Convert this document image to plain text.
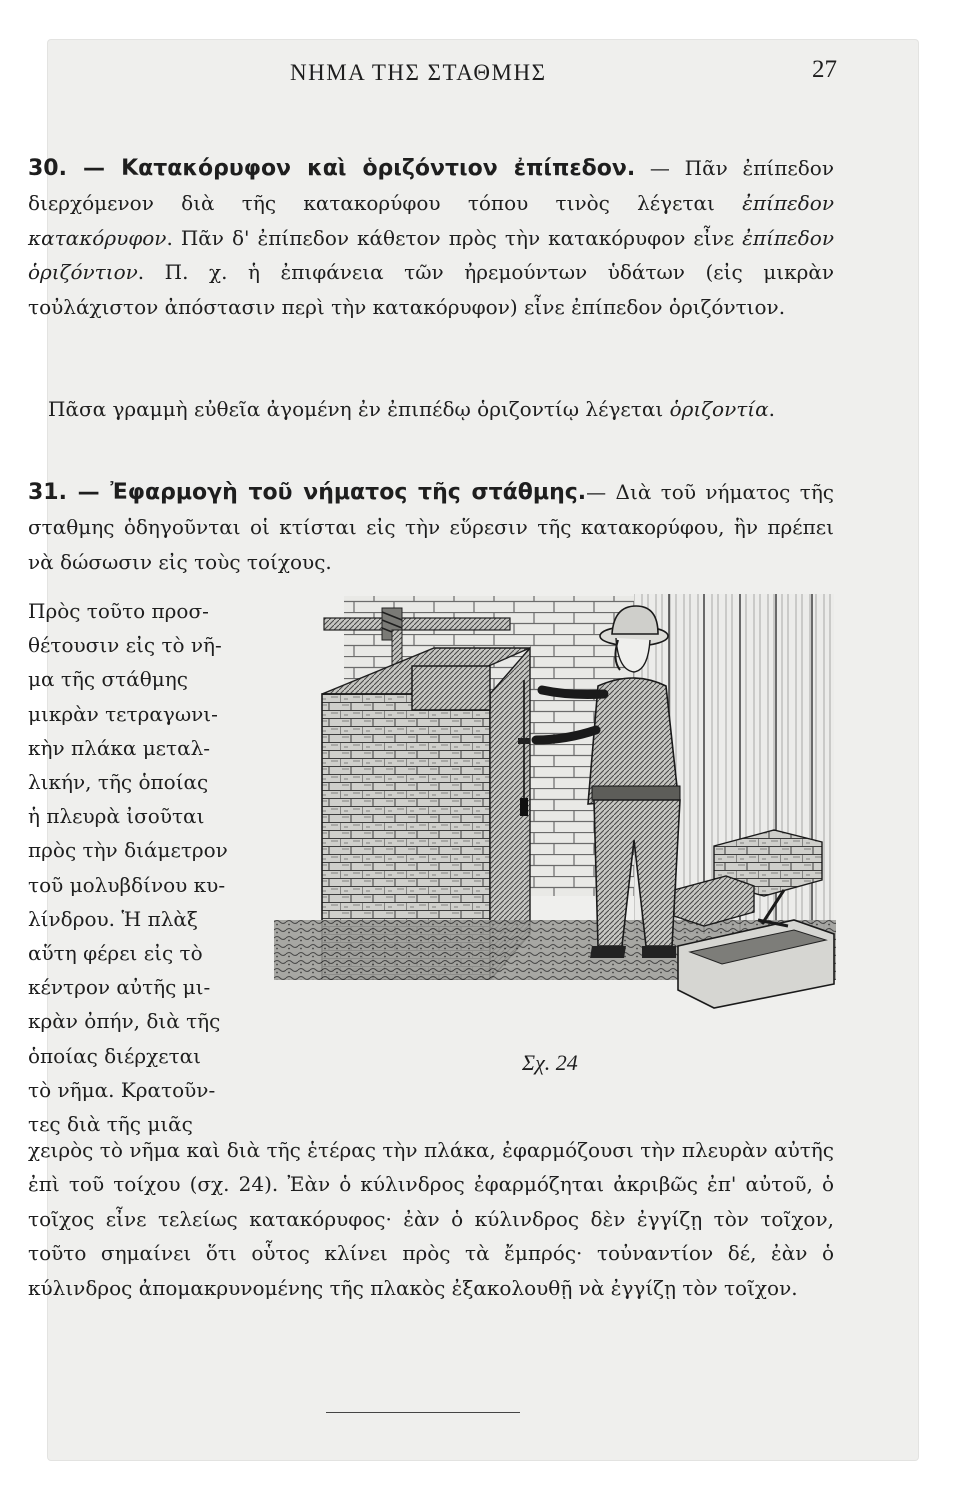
ΝΗΜΑ ΤΗΣ ΣΤΑΘΜΗΣ	27

30. — Κατακόρυφον καὶ ὁριζόντιον ἐπίπεδον. — Πᾶν ἐπίπεδον διερχόμενον διὰ τῆς κατακορύφου τόπου τινὸς λέγεται ἐπίπεδον κατακόρυφον. Πᾶν δ' ἐπίπεδον κάθετον πρὸς τὴν κατακόρυφον εἶνε ἐπίπεδον ὁριζόντιον. Π. χ. ἡ ἐπιφάνεια τῶν ἠρεμούντων ὑδάτων (εἰς μικρὰν τοὐλάχιστον ἀπόστασιν περὶ τὴν κατακόρυφον) εἶνε ἐπίπεδον ὁριζόντιον.

 Πᾶσα γραμμὴ εὐθεῖα ἀγομένη ἐν ἐπιπέδῳ ὁριζοντίῳ λέγεται ὁριζοντία.

31. — Ἐφαρμογὴ τοῦ νήματος τῆς στάθμης.— Διὰ τοῦ νήματος τῆς σταθμης ὁδηγοῦνται οἱ κτίσται εἰς τὴν εὕρεσιν τῆς κατακορύφου, ἣν πρέπει νὰ δώσωσιν εἰς τοὺς τοίχους.

Πρὸς τοῦτο προσ-
θέτουσιν εἰς τὸ νῆ-
μα τῆς στάθμης
μικρὰν τετραγωνι-
κὴν πλάκα μεταλ-
λικήν, τῆς ὁποίας
ἡ πλευρὰ ἰσοῦται
πρὸς τὴν διάμετρον
τοῦ μολυβδίνου κυ-
λίνδρου. Ἡ πλὰξ
αὕτη φέρει εἰς τὸ
κέντρον αὐτῆς μι-
κρὰν ὀπήν, διὰ τῆς
ὁποίας διέρχεται
τὸ νῆμα. Κρατοῦν-
τες διὰ τῆς μιᾶς
Σχ. 24

χειρὸς τὸ νῆμα καὶ διὰ τῆς ἑτέρας τὴν πλάκα, ἐφαρμόζουσι τὴν πλευρὰν αὐτῆς ἐπὶ τοῦ τοίχου (σχ. 24). Ἐὰν ὁ κύλινδρος ἐφαρμόζηται ἀκριβῶς ἐπ' αὐτοῦ, ὁ τοῖχος εἶνε τελείως κατακόρυφος· ἐὰν ὁ κύλινδρος δὲν ἐγγίζῃ τὸν τοῖχον, τοῦτο σημαίνει ὅτι οὗτος κλίνει πρὸς τὰ ἔμπρός· τοὐναντίον δέ, ἐὰν ὁ κύλινδρος ἀπομακρυνομένης τῆς πλακὸς ἐξακολουθῇ νὰ ἐγγίζῃ τὸν τοῖχον.
